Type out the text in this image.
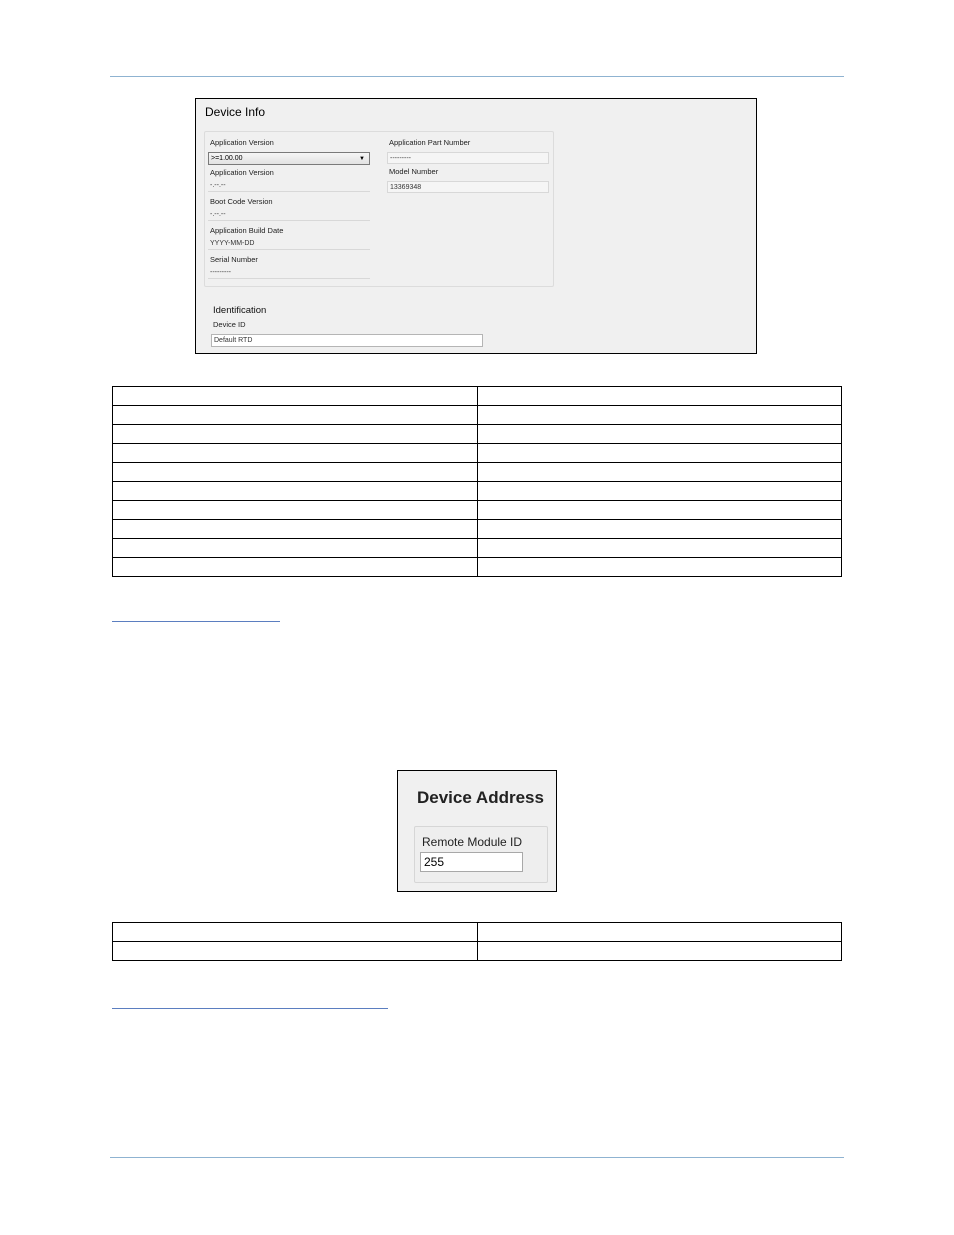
Device Info
Application Version
>=1.00.00	▼
Application Version
-.--.--
Boot Code Version
-.--.--
Application Build Date
YYYY-MM-DD
Serial Number
---------
Application Part Number
---------
Model Number
13369348
Identification
Device ID
Default RTD

Device Address
Remote Module ID
255
